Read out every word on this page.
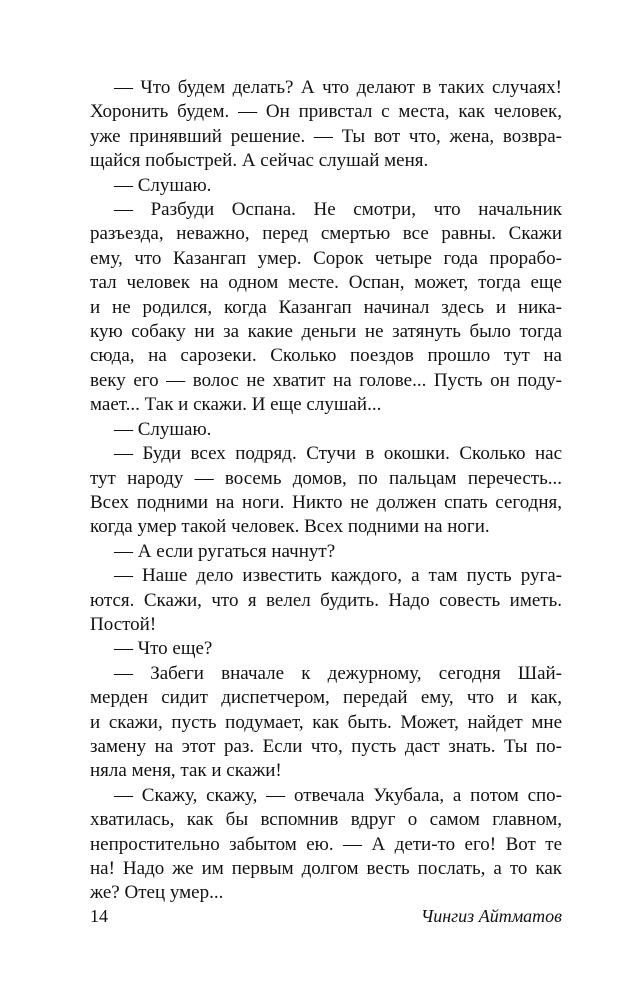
— Что будем делать? А что делают в таких случаях!
Хоронить будем. — Он привстал с места, как человек,
уже принявший решение. — Ты вот что, жена, возвра-
щайся побыстрей. А сейчас слушай меня.
— Слушаю.
— Разбуди Оспана. Не смотри, что начальник
разъезда, неважно, перед смертью все равны. Скажи
ему, что Казангап умер. Сорок четыре года прорабо-
тал человек на одном месте. Оспан, может, тогда еще
и не родился, когда Казангап начинал здесь и ника-
кую собаку ни за какие деньги не затянуть было тогда
сюда, на сарозеки. Сколько поездов прошло тут на
веку его — волос не хватит на голове... Пусть он поду-
мает... Так и скажи. И еще слушай...
— Слушаю.
— Буди всех подряд. Стучи в окошки. Сколько нас
тут народу — восемь домов, по пальцам перечесть...
Всех подними на ноги. Никто не должен спать сегодня,
когда умер такой человек. Всех подними на ноги.
— А если ругаться начнут?
— Наше дело известить каждого, а там пусть руга-
ются. Скажи, что я велел будить. Надо совесть иметь.
Постой!
— Что еще?
— Забеги вначале к дежурному, сегодня Шай-
мерден сидит диспетчером, передай ему, что и как,
и скажи, пусть подумает, как быть. Может, найдет мне
замену на этот раз. Если что, пусть даст знать. Ты по-
няла меня, так и скажи!
— Скажу, скажу, — отвечала Укубала, а потом спо-
хватилась, как бы вспомнив вдруг о самом главном,
непростительно забытом ею. — А дети-то его! Вот те
на! Надо же им первым долгом весть послать, а то как
же? Отец умер...
14	Чингиз Айтматов
